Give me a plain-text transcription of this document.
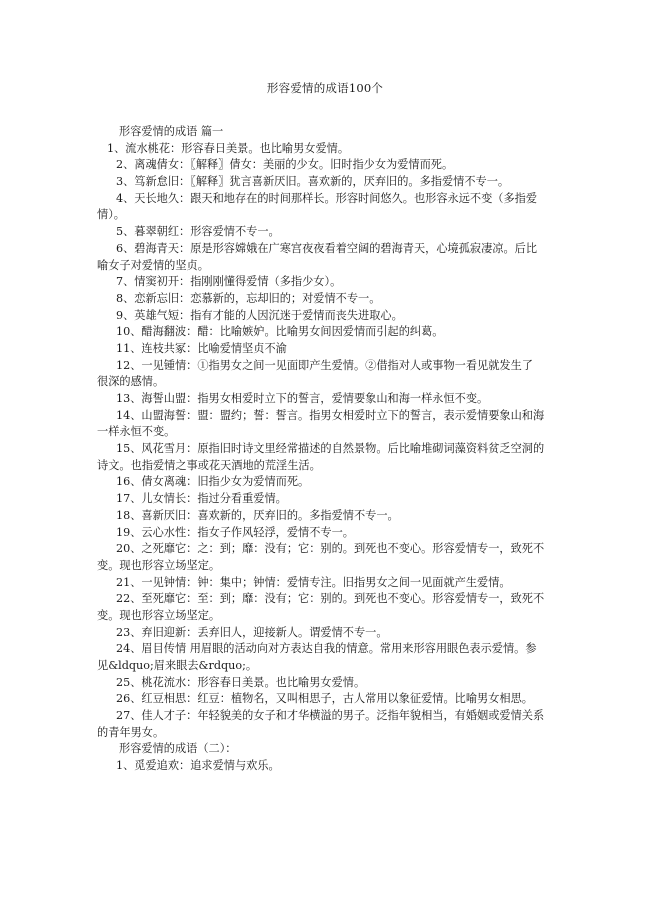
形容爱情的成语100个
形容爱情的成语 篇一
1、流水桃花：形容春日美景。也比喻男女爱情。
2、离魂倩女：〖解释〗倩女：美丽的少女。旧时指少女为爱情而死。
3、笃新怠旧：〖解释〗犹言喜新厌旧。喜欢新的，厌弃旧的。多指爱情不专一。
4、天长地久：跟天和地存在的时间那样长。形容时间悠久。也形容永远不变（多指爱
情）。
5、暮翠朝红：形容爱情不专一。
6、碧海青天：原是形容嫦娥在广寒宫夜夜看着空阔的碧海青天，心境孤寂凄凉。后比
喻女子对爱情的坚贞。
7、情窦初开：指刚刚懂得爱情（多指少女）。
8、恋新忘旧：恋慕新的，忘却旧的；对爱情不专一。
9、英雄气短：指有才能的人因沉迷于爱情而丧失进取心。
10、醋海翻波：醋：比喻嫉妒。比喻男女间因爱情而引起的纠葛。
11、连枝共冢：比喻爱情坚贞不渝
12、一见锺情：①指男女之间一见面即产生爱情。②借指对人或事物一看见就发生了
很深的感情。
13、海誓山盟：指男女相爱时立下的誓言，爱情要象山和海一样永恒不变。
14、山盟海誓：盟：盟约；誓：誓言。指男女相爱时立下的誓言，表示爱情要象山和海
一样永恒不变。
15、风花雪月：原指旧时诗文里经常描述的自然景物。后比喻堆砌词藻资料贫乏空洞的
诗文。也指爱情之事或花天酒地的荒淫生活。
16、倩女离魂：旧指少女为爱情而死。
17、儿女情长：指过分看重爱情。
18、喜新厌旧：喜欢新的，厌弃旧的。多指爱情不专一。
19、云心水性：指女子作风轻浮，爱情不专一。
20、之死靡它：之：到；靡：没有；它：别的。到死也不变心。形容爱情专一，致死不
变。现也形容立场坚定。
21、一见钟情：钟：集中；钟情：爱情专注。旧指男女之间一见面就产生爱情。
22、至死靡它：至：到；靡：没有；它：别的。到死也不变心。形容爱情专一，致死不
变。现也形容立场坚定。
23、弃旧迎新：丢弃旧人，迎接新人。谓爱情不专一。
24、眉目传情 用眉眼的活动向对方表达自我的情意。常用来形容用眼色表示爱情。参
见&ldquo;眉来眼去&rdquo;。
25、桃花流水：形容春日美景。也比喻男女爱情。
26、红豆相思：红豆：植物名，又叫相思子，古人常用以象征爱情。比喻男女相思。
27、佳人才子：年轻貌美的女子和才华横溢的男子。泛指年貌相当，有婚姻或爱情关系
的青年男女。
形容爱情的成语（二）：
1、觅爱追欢：追求爱情与欢乐。
